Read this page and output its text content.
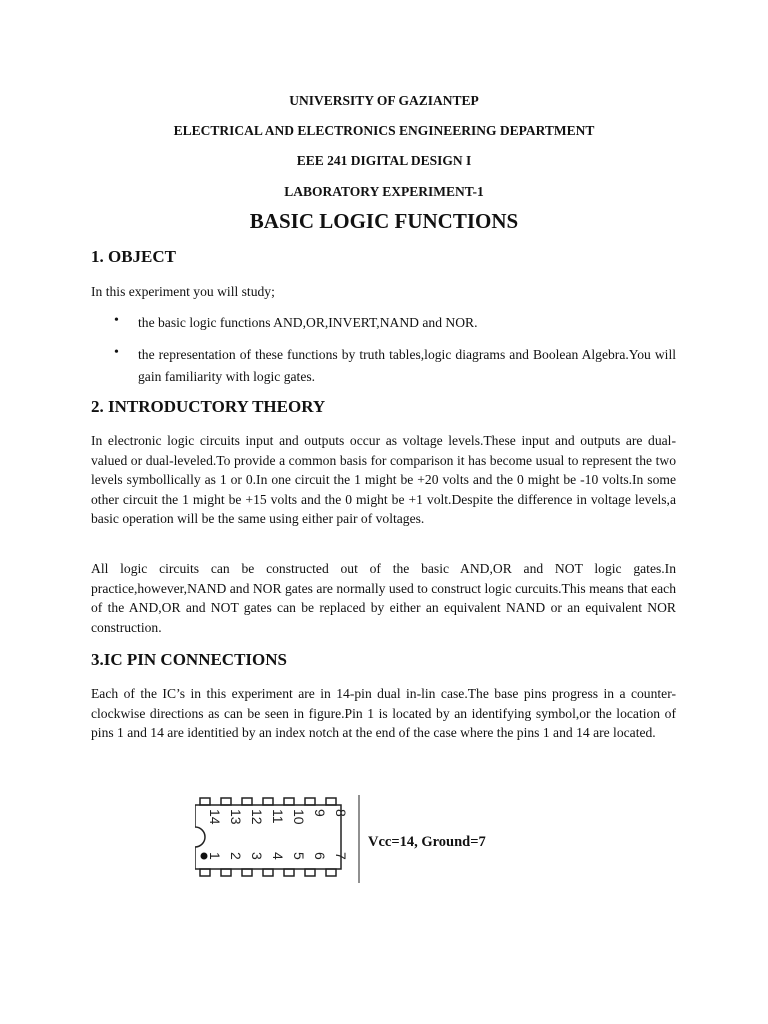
UNIVERSITY OF GAZIANTEP
ELECTRICAL AND ELECTRONICS ENGINEERING DEPARTMENT
EEE 241 DIGITAL DESIGN I
LABORATORY EXPERIMENT-1
BASIC LOGIC FUNCTIONS
1. OBJECT
In this experiment you will study;
• the basic logic functions AND,OR,INVERT,NAND and NOR.
• the representation of these functions by truth tables,logic diagrams and Boolean Algebra.You will gain familiarity with logic gates.
2. INTRODUCTORY THEORY
In electronic logic circuits input and outputs occur as voltage levels.These input and outputs are dual-valued or dual-leveled.To provide a common basis for comparison it has become usual to represent the two levels symbollically as 1 or 0.In one circuit the 1 might be +20 volts and the 0 might be -10 volts.In some other circuit the 1 might be +15 volts and the 0 might be +1 volt.Despite the difference in voltage levels,a basic operation will be the same using either pair of voltages.
All logic circuits can be constructed out of the basic AND,OR and NOT logic gates.In practice,however,NAND and NOR gates are normally used to construct logic curcuits.This means that each of the AND,OR and NOT gates can be replaced by either an equivalent NAND or an equivalent NOR construction.
3.IC PIN CONNECTIONS
Each of the IC’s in this experiment are in 14-pin dual in-lin case.The base pins progress in a counter-clockwise directions as can be seen in figure.Pin 1 is located by an identifying symbol,or the location of pins 1 and 14 are identitied by an index notch at the end of the case where the pins 1 and 14 are located.
14 13 12 11 10 9 8
1 2 3 4 5 6 7
Vcc=14, Ground=7
